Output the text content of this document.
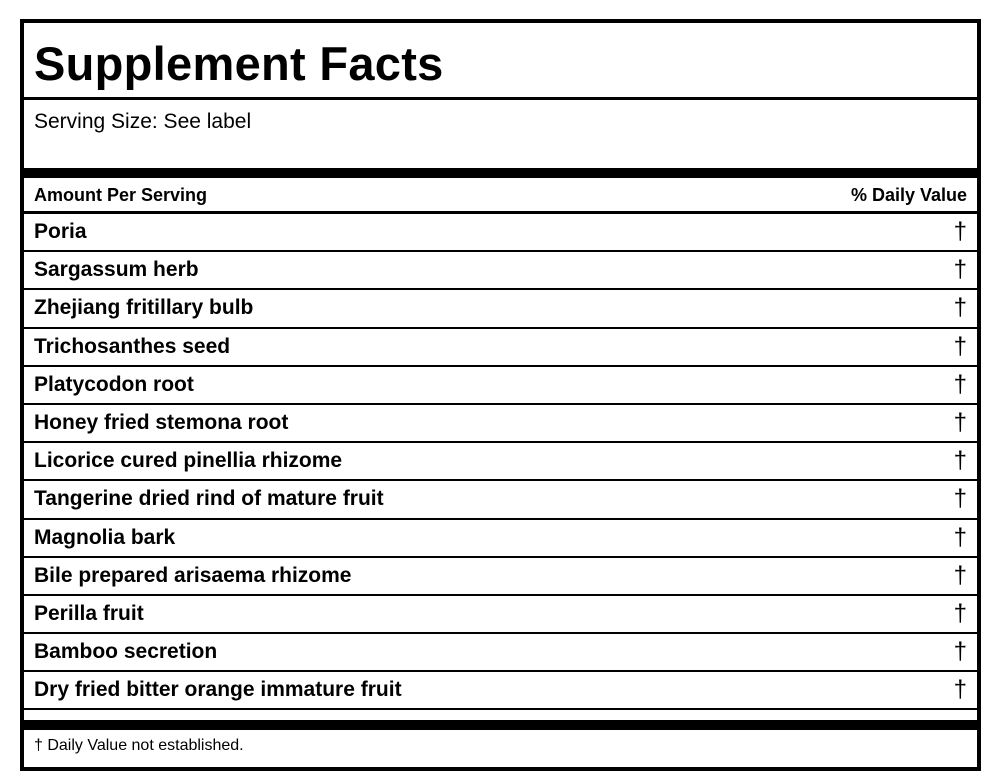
Supplement Facts
Serving Size: See label
Amount Per Serving	% Daily Value
Poria	†
Sargassum herb	†
Zhejiang fritillary bulb	†
Trichosanthes seed	†
Platycodon root	†
Honey fried stemona root	†
Licorice cured pinellia rhizome	†
Tangerine dried rind of mature fruit	†
Magnolia bark	†
Bile prepared arisaema rhizome	†
Perilla fruit	†
Bamboo secretion	†
Dry fried bitter orange immature fruit	†
† Daily Value not established.
